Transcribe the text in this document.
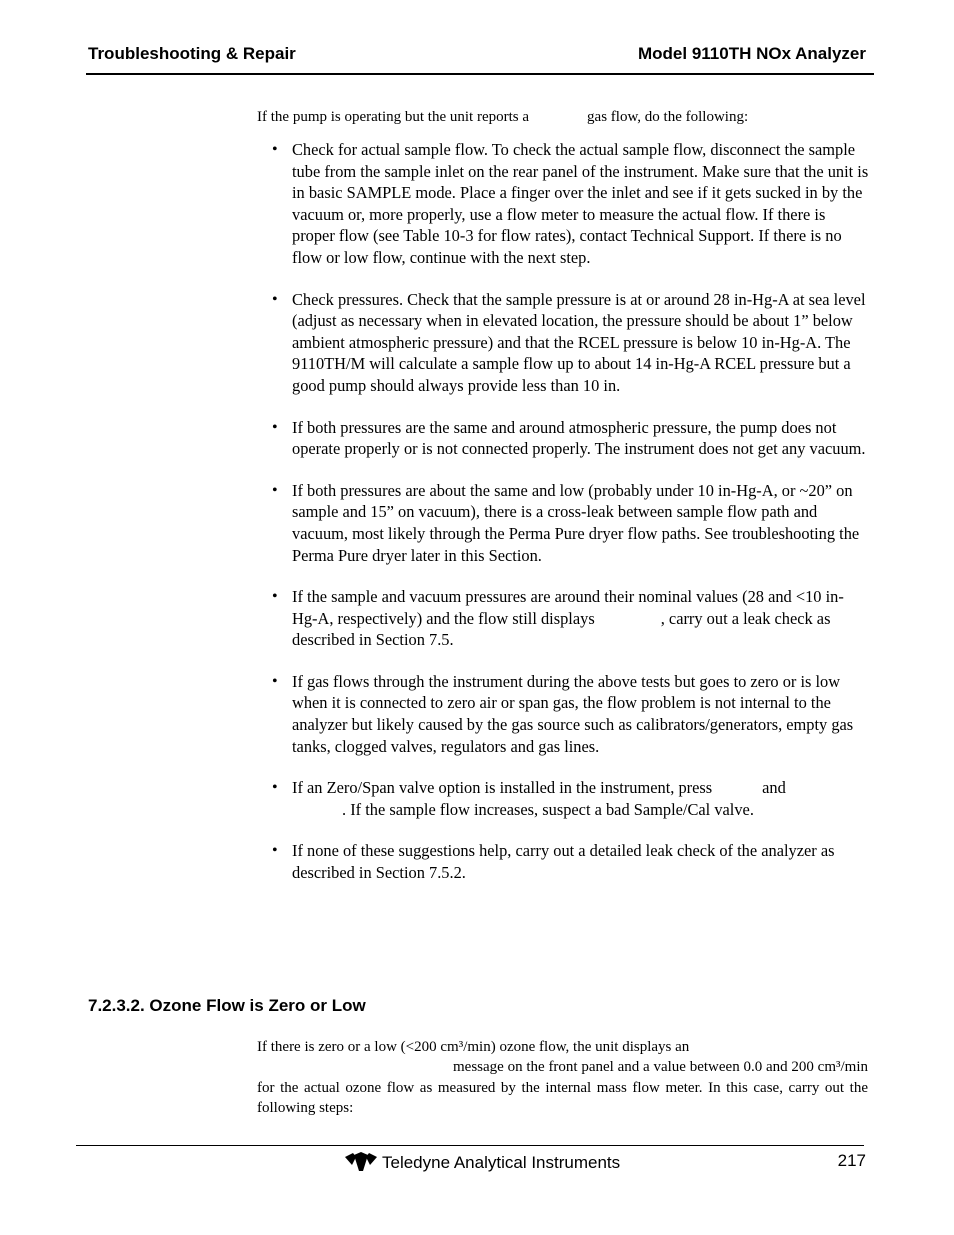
Troubleshooting & Repair	Model 9110TH NOx Analyzer
If the pump is operating but the unit reports a	gas flow, do the following:
• Check for actual sample flow. To check the actual sample flow, disconnect the sample tube from the sample inlet on the rear panel of the instrument. Make sure that the unit is in basic SAMPLE mode. Place a finger over the inlet and see if it gets sucked in by the vacuum or, more properly, use a flow meter to measure the actual flow. If there is proper flow (see Table 10-3 for flow rates), contact Technical Support. If there is no flow or low flow, continue with the next step.
• Check pressures. Check that the sample pressure is at or around 28 in-Hg-A at sea level (adjust as necessary when in elevated location, the pressure should be about 1” below ambient atmospheric pressure) and that the RCEL pressure is below 10 in-Hg-A. The 9110TH/M will calculate a sample flow up to about 14 in-Hg-A RCEL pressure but a good pump should always provide less than 10 in.
• If both pressures are the same and around atmospheric pressure, the pump does not operate properly or is not connected properly. The instrument does not get any vacuum.
• If both pressures are about the same and low (probably under 10 in-Hg-A, or ~20” on sample and 15” on vacuum), there is a cross-leak between sample flow path and vacuum, most likely through the Perma Pure dryer flow paths. See troubleshooting the Perma Pure dryer later in this Section.
• If the sample and vacuum pressures are around their nominal values (28 and <10 in-Hg-A, respectively) and the flow still displays	, carry out a leak check as described in Section 7.5.
• If gas flows through the instrument during the above tests but goes to zero or is low when it is connected to zero air or span gas, the flow problem is not internal to the analyzer but likely caused by the gas source such as calibrators/generators, empty gas tanks, clogged valves, regulators and gas lines.
• If an Zero/Span valve option is installed in the instrument, press	and
. If the sample flow increases, suspect a bad Sample/Cal valve.
• If none of these suggestions help, carry out a detailed leak check of the analyzer as described in Section 7.5.2.
7.2.3.2. Ozone Flow is Zero or Low
If there is zero or a low (<200 cm³/min) ozone flow, the unit displays an
message on the front panel and a value between 0.0 and 200 cm³/min for the actual ozone flow as measured by the internal mass flow meter. In this case, carry out the following steps:
Teledyne Analytical Instruments	217
